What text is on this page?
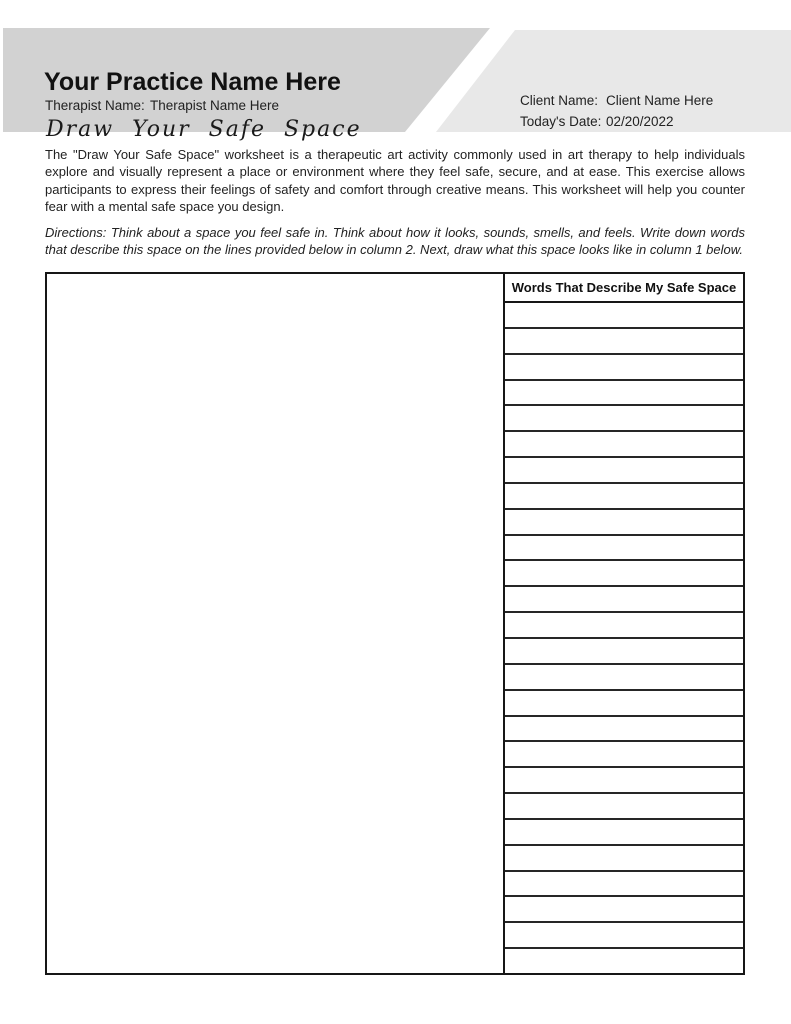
Your Practice Name Here
Therapist Name: Therapist Name Here
Draw Your Safe Space
Client Name: Client Name Here
Today's Date: 02/20/2022
The "Draw Your Safe Space" worksheet is a therapeutic art activity commonly used in art therapy to help individuals explore and visually represent a place or environment where they feel safe, secure, and at ease. This exercise allows participants to express their feelings of safety and comfort through creative means. This worksheet will help you counter fear with a mental safe space you design.
Directions: Think about a space you feel safe in. Think about how it looks, sounds, smells, and feels. Write down words that describe this space on the lines provided below in column 2. Next, draw what this space looks like in column 1 below.
Words That Describe My Safe Space
